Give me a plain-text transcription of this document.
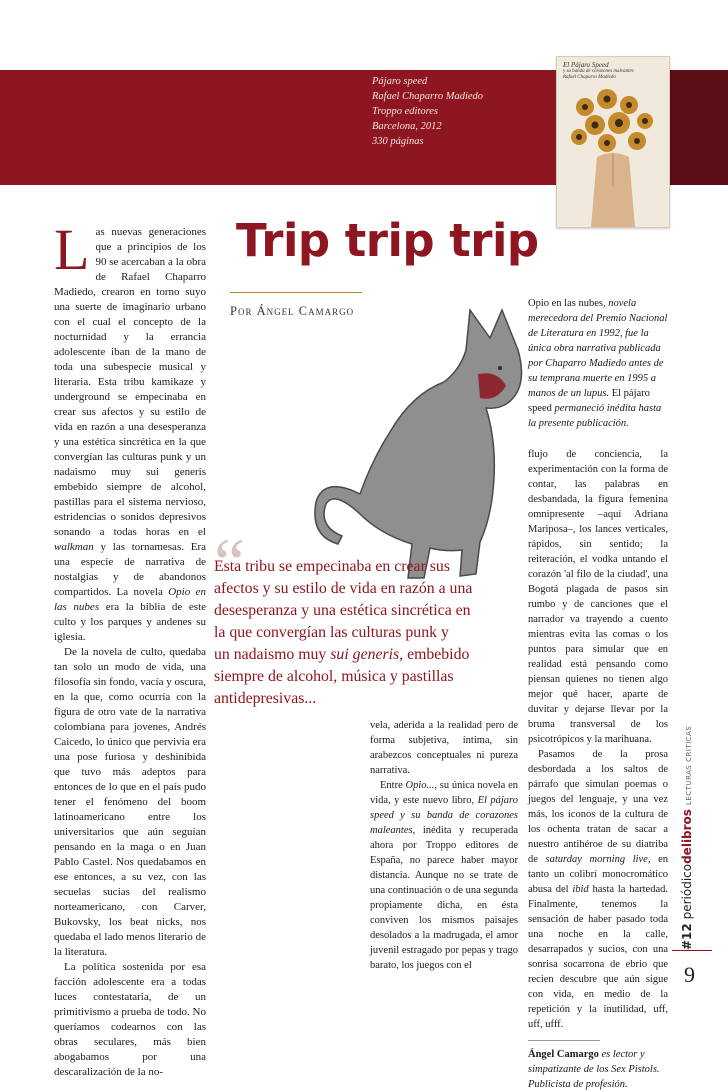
Pájaro speed
Rafael Chaparro Madiedo
Troppo editores
Barcelona, 2012
330 páginas
El Pájaro Speed
y su banda de corazones malvantes
Rafael Chaparro Madiedo
Trip trip trip
Por Ángel Camargo

Las nuevas generaciones que a principios de los 90 se acercaban a la obra de Rafael Chaparro Madiedo, crearon en torno suyo una suerte de imaginario urbano con el cual el concepto de la nocturnidad y la errancia adolescente iban de la mano de toda una subespecie musical y literaria. Esta tribu kamikaze y underground se empecinaba en crear sus afectos y su estilo de vida en razón a una desesperanza y una estética sincrética en la que convergían las culturas punk y un nadaismo muy sui generis embebido siempre de alcohol, pastillas para el sistema nervioso, estridencias o sonidos depresivos sonando a todas horas en el walkman y las tornamesas. Era una especie de narrativa de nostalgias y de abandonos compartidos. La novela Opio en las nubes era la biblia de este culto y los parques y andenes su iglesia.

De la novela de culto, quedaba tan solo un modo de vida, una filosofía sin fondo, vacía y oscura, en la que, como ocurría con la figura de otro vate de la narrativa colombiana para jovenes, Andrés Caicedo, lo único que pervivía era una pose furiosa y deshinibida que tuvo más adeptos para entonces de lo que en el país pudo tener el fenómeno del boom latinoamericano entre los universitarios que aún seguían pensando en la maga o en Juan Pablo Castel. Nos quedabamos en ese entonces, a su vez, con las secuelas sucias del realismo norteamericano, con Carver, Bukovsky, los beat nicks, nos quedaba el lado menos literario de la literatura.

La política sostenida por esa facción adolescente era a todas luces contestataria, de un primitivismo a prueba de todo. No queríamos codearnos con las obras seculares, más bien abogabamos por una descaralización de la no-

“
Esta tribu se empecinaba en crear sus
afectos y su estilo de vida en razón a una
desesperanza y una estética sincrética en
la que convergían las culturas punk y
un nadaismo muy sui generis, embebido
siempre de alcohol, música y pastillas
antidepresivas...

vela, aderida a la realidad pero de forma subjetiva, íntima, sin arabezcos conceptuales ni pureza narrativa.

Entre Opio..., su única novela en vida, y este nuevo libro, El pájaro speed y su banda de corazones maleantes, inédita y recuperada ahora por Troppo editores de España, no parece haber mayor distancia. Aunque no se trate de una continuación o de una segunda propiamente dicha, en ésta conviven los mismos paisajes desolados a la madrugada, el amor juvenil estragado por pepas y trago barato, los juegos con el

Opio en las nubes, novela merecedora del Premio Nacional de Literatura en 1992, fue la única obra narrativa publicada por Chaparro Madiedo antes de su temprana muerte en 1995 a manos de un lupus. El pájaro speed permaneció inédita hasta la presente publicación.

flujo de conciencia, la experimentación con la forma de contar, las palabras en desbandada, la figura femenina omnipresente –aquí Adriana Mariposa–, los lances verticales, rápidos, sin sentido; la reiteración, el vodka untando el corazón 'al filo de la ciudad', una Bogotá plagada de pasos sin rumbo y de canciones que el narrador va trayendo a cuento mientras evita las comas o los puntos para simular que en realidad está pensando como piensan quienes no tienen algo mejor qué hacer, aparte de duvitar y dejarse llevar por la bruma transversal de los psicotrópicos y la marihuana.

Pasamos de la prosa desbordada a los saltos de párrafo que simulan poemas o juegos del lenguaje, y una vez más, los íconos de la cultura de los ochenta tratan de sacar a nuestro antihéroe de su diatriba de saturday morning live, en tanto un colibrí monocromático abusa del ibid hasta la hartedad. Finalmente, tenemos la sensación de haber pasado toda una noche en la calle, desarrapados y sucios, con una sonrisa socarrona de ebrio que recien descubre que aún sigue con vida, en medio de la repetición y la inutilidad, uff, uff, ufff.

Ángel Camargo es lector y simpatizante de los Sex Pistols. Publicista de profesión.

#12 periódicodelibrosLECTURAS CRÍTICAS
9
